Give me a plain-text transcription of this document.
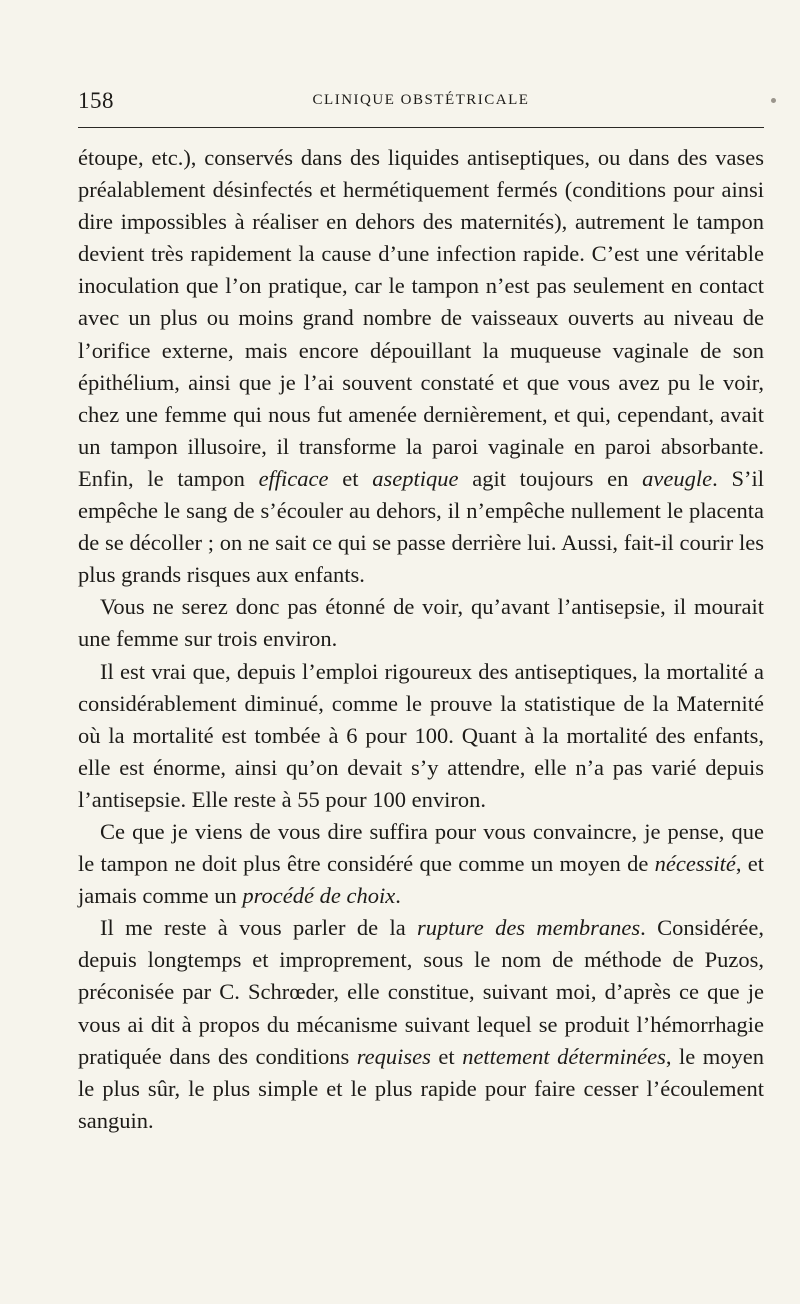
158	CLINIQUE OBSTÉTRICALE

étoupe, etc.), conservés dans des liquides antiseptiques, ou dans des vases préalablement désinfectés et hermétiquement fermés (conditions pour ainsi dire impossibles à réaliser en dehors des maternités), autrement le tampon devient très rapidement la cause d’une infection rapide. C’est une véritable inoculation que l’on pratique, car le tampon n’est pas seulement en contact avec un plus ou moins grand nombre de vaisseaux ouverts au niveau de l’orifice externe, mais encore dépouillant la muqueuse vaginale de son épithélium, ainsi que je l’ai souvent constaté et que vous avez pu le voir, chez une femme qui nous fut amenée dernièrement, et qui, cependant, avait un tampon illusoire, il transforme la paroi vaginale en paroi absorbante. Enfin, le tampon efficace et aseptique agit toujours en aveugle. S’il empêche le sang de s’écouler au dehors, il n’empêche nullement le placenta de se décoller ; on ne sait ce qui se passe derrière lui. Aussi, fait-il courir les plus grands risques aux enfants.

Vous ne serez donc pas étonné de voir, qu’avant l’antisepsie, il mourait une femme sur trois environ.

Il est vrai que, depuis l’emploi rigoureux des antiseptiques, la mortalité a considérablement diminué, comme le prouve la statistique de la Maternité où la mortalité est tombée à 6 pour 100. Quant à la mortalité des enfants, elle est énorme, ainsi qu’on devait s’y attendre, elle n’a pas varié depuis l’antisepsie. Elle reste à 55 pour 100 environ.

Ce que je viens de vous dire suffira pour vous convaincre, je pense, que le tampon ne doit plus être considéré que comme un moyen de nécessité, et jamais comme un procédé de choix.

Il me reste à vous parler de la rupture des membranes. Considérée, depuis longtemps et improprement, sous le nom de méthode de Puzos, préconisée par C. Schrœder, elle constitue, suivant moi, d’après ce que je vous ai dit à propos du mécanisme suivant lequel se produit l’hémorrhagie pratiquée dans des conditions requises et nettement déterminées, le moyen le plus sûr, le plus simple et le plus rapide pour faire cesser l’écoulement sanguin.
